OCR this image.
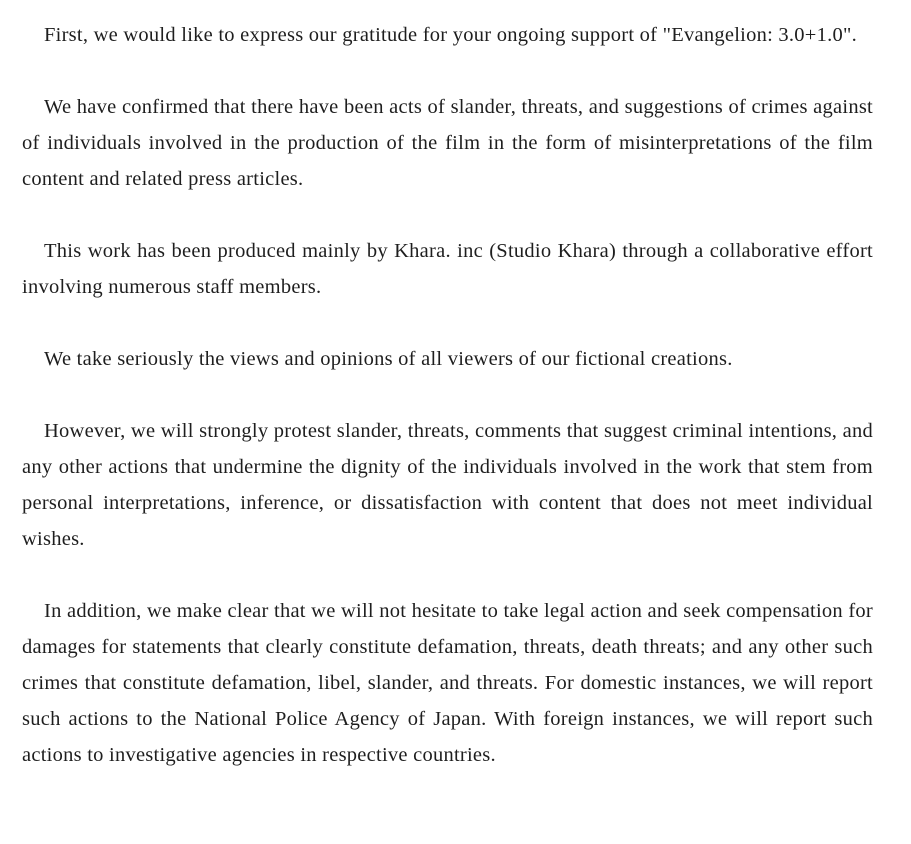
First, we would like to express our gratitude for your ongoing support of "Evangelion: 3.0+1.0".

We have confirmed that there have been acts of slander, threats, and suggestions of crimes against of individuals involved in the production of the film in the form of misinterpretations of the film content and related press articles.

This work has been produced mainly by Khara. inc (Studio Khara) through a collaborative effort involving numerous staff members.

We take seriously the views and opinions of all viewers of our fictional creations.

However, we will strongly protest slander, threats, comments that suggest criminal intentions, and any other actions that undermine the dignity of the individuals involved in the work that stem from personal interpretations, inference, or dissatisfaction with content that does not meet individual wishes.

In addition, we make clear that we will not hesitate to take legal action and seek compensation for damages for statements that clearly constitute defamation, threats, death threats; and any other such crimes that constitute defamation, libel, slander, and threats. For domestic instances, we will report such actions to the National Police Agency of Japan. With foreign instances, we will report such actions to investigative agencies in respective countries.
